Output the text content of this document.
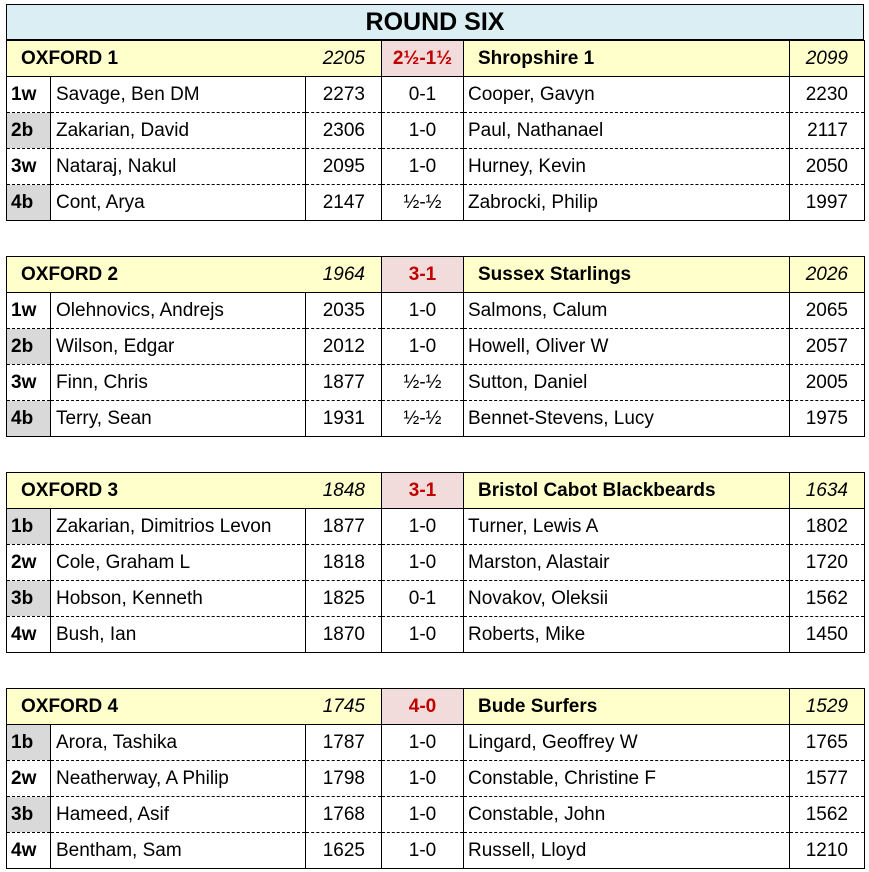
ROUND SIX
OXFORD 1		2205	2½-1½	Shropshire 1	2099
1w	Savage, Ben DM	2273	0-1	Cooper, Gavyn	2230
2b	Zakarian, David	2306	1-0	Paul, Nathanael	2117
3w	Nataraj, Nakul	2095	1-0	Hurney, Kevin	2050
4b	Cont, Arya	2147	½-½	Zabrocki, Philip	1997
OXFORD 2		1964	3-1	Sussex Starlings	2026
1w	Olehnovics, Andrejs	2035	1-0	Salmons, Calum	2065
2b	Wilson, Edgar	2012	1-0	Howell, Oliver W	2057
3w	Finn, Chris	1877	½-½	Sutton, Daniel	2005
4b	Terry, Sean	1931	½-½	Bennet-Stevens, Lucy	1975
OXFORD 3		1848	3-1	Bristol Cabot Blackbeards	1634
1b	Zakarian, Dimitrios Levon	1877	1-0	Turner, Lewis A	1802
2w	Cole, Graham L	1818	1-0	Marston, Alastair	1720
3b	Hobson, Kenneth	1825	0-1	Novakov, Oleksii	1562
4w	Bush, Ian	1870	1-0	Roberts, Mike	1450
OXFORD 4		1745	4-0	Bude Surfers	1529
1b	Arora, Tashika	1787	1-0	Lingard, Geoffrey W	1765
2w	Neatherway, A Philip	1798	1-0	Constable, Christine F	1577
3b	Hameed, Asif	1768	1-0	Constable, John	1562
4w	Bentham, Sam	1625	1-0	Russell, Lloyd	1210
